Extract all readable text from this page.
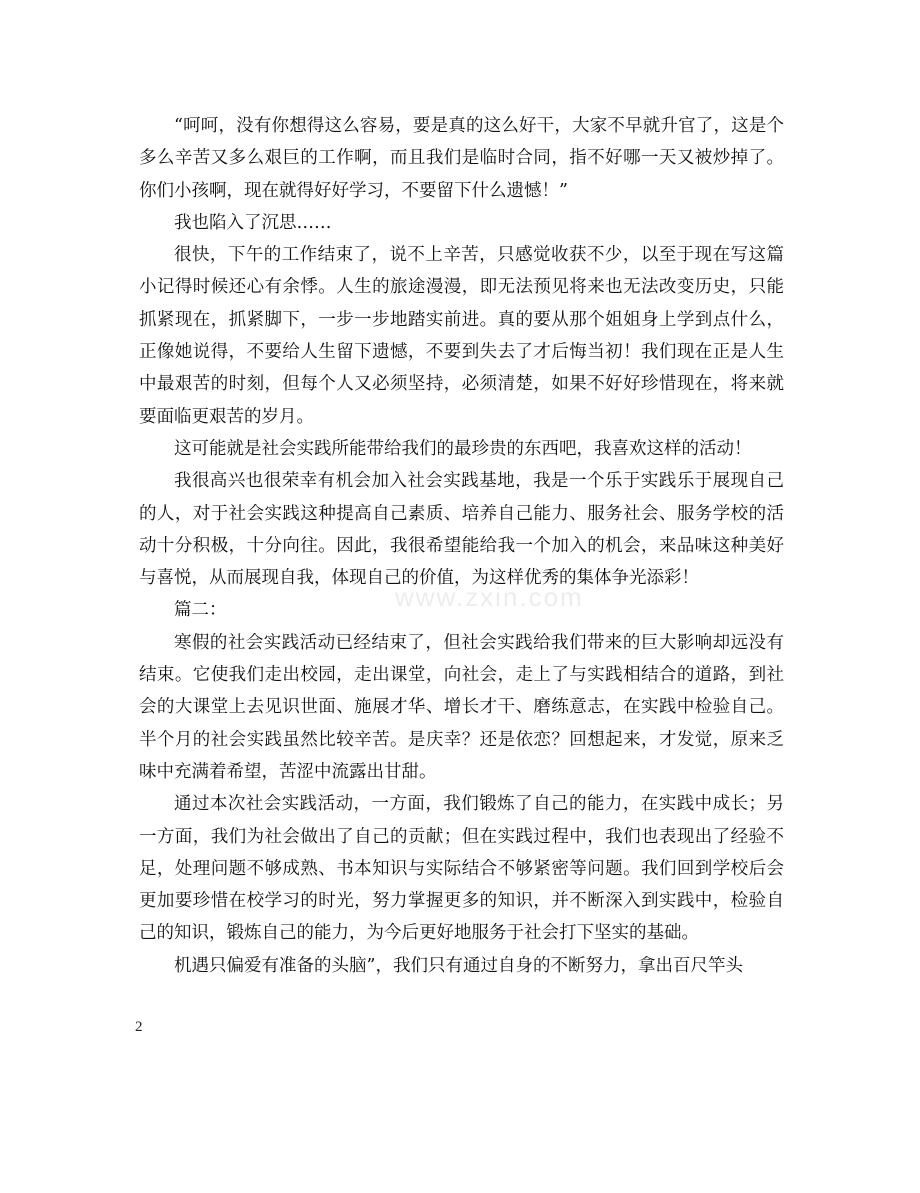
“呵呵，没有你想得这么容易，要是真的这么好干，大家不早就升官了，这是个多么辛苦又多么艰巨的工作啊，而且我们是临时合同，指不好哪一天又被炒掉了。你们小孩啊，现在就得好好学习，不要留下什么遗憾！”

我也陷入了沉思……

很快，下午的工作结束了，说不上辛苦，只感觉收获不少，以至于现在写这篇小记得时候还心有余悸。人生的旅途漫漫，即无法预见将来也无法改变历史，只能抓紧现在，抓紧脚下，一步一步地踏实前进。真的要从那个姐姐身上学到点什么，正像她说得，不要给人生留下遗憾，不要到失去了才后悔当初！我们现在正是人生中最艰苦的时刻，但每个人又必须坚持，必须清楚，如果不好好珍惜现在，将来就要面临更艰苦的岁月。

这可能就是社会实践所能带给我们的最珍贵的东西吧，我喜欢这样的活动！

我很高兴也很荣幸有机会加入社会实践基地，我是一个乐于实践乐于展现自己的人，对于社会实践这种提高自己素质、培养自己能力、服务社会、服务学校的活动十分积极，十分向往。因此，我很希望能给我一个加入的机会，来品味这种美好与喜悦，从而展现自我，体现自己的价值，为这样优秀的集体争光添彩！

篇二：

寒假的社会实践活动已经结束了，但社会实践给我们带来的巨大影响却远没有结束。它使我们走出校园，走出课堂，向社会，走上了与实践相结合的道路，到社会的大课堂上去见识世面、施展才华、增长才干、磨练意志，在实践中检验自己。半个月的社会实践虽然比较辛苦。是庆幸？还是依恋？回想起来，才发觉，原来乏味中充满着希望，苦涩中流露出甘甜。

通过本次社会实践活动，一方面，我们锻炼了自己的能力，在实践中成长；另一方面，我们为社会做出了自己的贡献；但在实践过程中，我们也表现出了经验不足，处理问题不够成熟、书本知识与实际结合不够紧密等问题。我们回到学校后会更加要珍惜在校学习的时光，努力掌握更多的知识，并不断深入到实践中，检验自己的知识，锻炼自己的能力，为今后更好地服务于社会打下坚实的基础。

机遇只偏爱有准备的头脑”，我们只有通过自身的不断努力，拿出百尺竿头

www.zxin.com
2
